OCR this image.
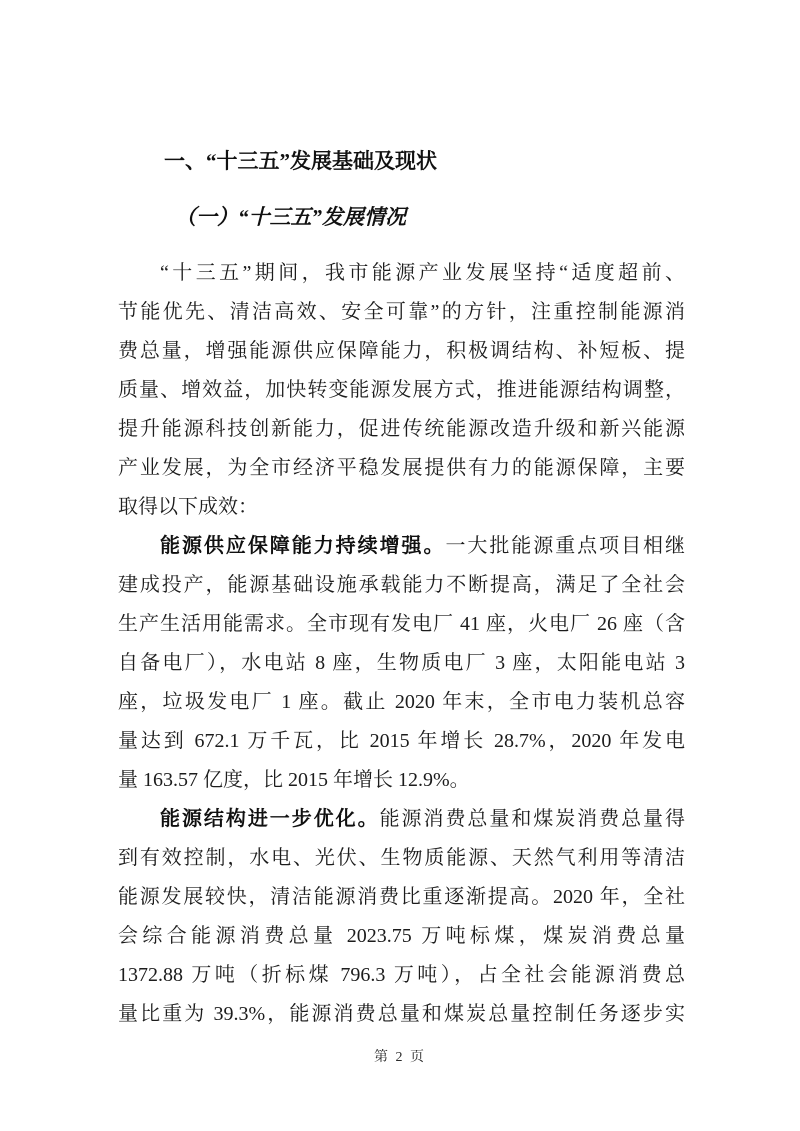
一、“十三五”发展基础及现状
（一）“十三五”发展情况
“十三五”期间，我市能源产业发展坚持“适度超前、
节能优先、清洁高效、安全可靠”的方针，注重控制能源消
费总量，增强能源供应保障能力，积极调结构、补短板、提
质量、增效益，加快转变能源发展方式，推进能源结构调整，
提升能源科技创新能力，促进传统能源改造升级和新兴能源
产业发展，为全市经济平稳发展提供有力的能源保障，主要
取得以下成效：
能源供应保障能力持续增强。一大批能源重点项目相继
建成投产，能源基础设施承载能力不断提高，满足了全社会
生产生活用能需求。全市现有发电厂 41 座，火电厂 26 座（含
自备电厂），水电站 8 座，生物质电厂 3 座，太阳能电站 3
座，垃圾发电厂 1 座。截止 2020 年末，全市电力装机总容
量达到 672.1 万千瓦，比 2015 年增长 28.7%，2020 年发电
量 163.57 亿度，比 2015 年增长 12.9%。
能源结构进一步优化。能源消费总量和煤炭消费总量得
到有效控制，水电、光伏、生物质能源、天然气利用等清洁
能源发展较快，清洁能源消费比重逐渐提高。2020 年，全社
会综合能源消费总量 2023.75 万吨标煤，煤炭消费总量
1372.88 万吨（折标煤 796.3 万吨），占全社会能源消费总
量比重为 39.3%，能源消费总量和煤炭总量控制任务逐步实
第 2 页
